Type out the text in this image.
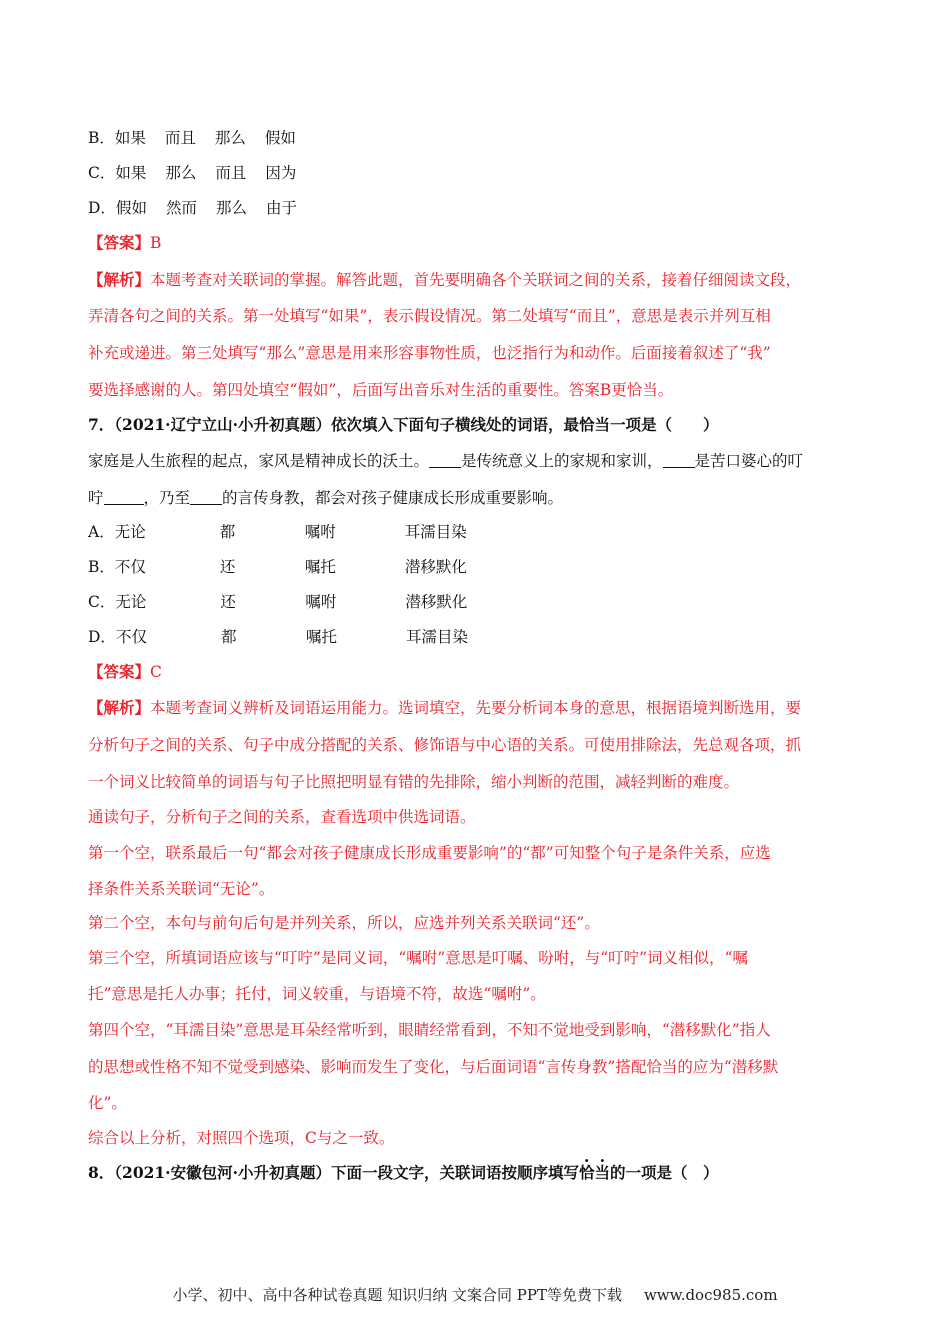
B．如果 而且 那么 假如
C．如果 那么 而且 因为
D．假如 然而 那么 由于
【答案】B
【解析】本题考查对关联词的掌握。解答此题，首先要明确各个关联词之间的关系，接着仔细阅读文段，
弄清各句之间的关系。第一处填写“如果”，表示假设情况。第二处填写“而且”，意思是表示并列互相
补充或递进。第三处填写“那么”意思是用来形容事物性质，也泛指行为和动作。后面接着叙述了“我”
要选择感谢的人。第四处填空“假如”，后面写出音乐对生活的重要性。答案B更恰当。
7．（2021·辽宁立山·小升初真题）依次填入下面句子横线处的词语，最恰当一项是（　　）
家庭是人生旅程的起点，家风是精神成长的沃土。 是传统意义上的家规和家训， 是苦口婆心的叮
咛	，乃至 的言传身教，都会对孩子健康成长形成重要影响。
A．无论	都	嘱咐	耳濡目染
B．不仅	还	嘱托	潜移默化
C．无论	还	嘱咐	潜移默化
D．不仅	都	嘱托	耳濡目染
【答案】C
【解析】本题考查词义辨析及词语运用能力。选词填空，先要分析词本身的意思，根据语境判断选用，要
分析句子之间的关系、句子中成分搭配的关系、修饰语与中心语的关系。可使用排除法，先总观各项，抓
一个词义比较简单的词语与句子比照把明显有错的先排除，缩小判断的范围，减轻判断的难度。
通读句子，分析句子之间的关系，查看选项中供选词语。
第一个空，联系最后一句“都会对孩子健康成长形成重要影响”的“都”可知整个句子是条件关系，应选
择条件关系关联词“无论”。
第二个空，本句与前句后句是并列关系，所以，应选并列关系关联词“还”。
第三个空，所填词语应该与“叮咛”是同义词，“嘱咐”意思是叮嘱、吩咐，与“叮咛”词义相似，“嘱
托”意思是托人办事；托付，词义较重，与语境不符，故选“嘱咐”。
第四个空，“耳濡目染”意思是耳朵经常听到，眼睛经常看到，不知不觉地受到影响，“潜移默化”指人
的思想或性格不知不觉受到感染、影响而发生了变化，与后面词语“言传身教”搭配恰当的应为“潜移默
化”。
综合以上分析，对照四个选项，C与之一致。
8．（2021·安徽包河·小升初真题）下面一段文字，关联词语按顺序填写恰当的一项是（　）
小学、初中、高中各种试卷真题 知识归纳 文案合同 PPT等免费下载 www.doc985.com
